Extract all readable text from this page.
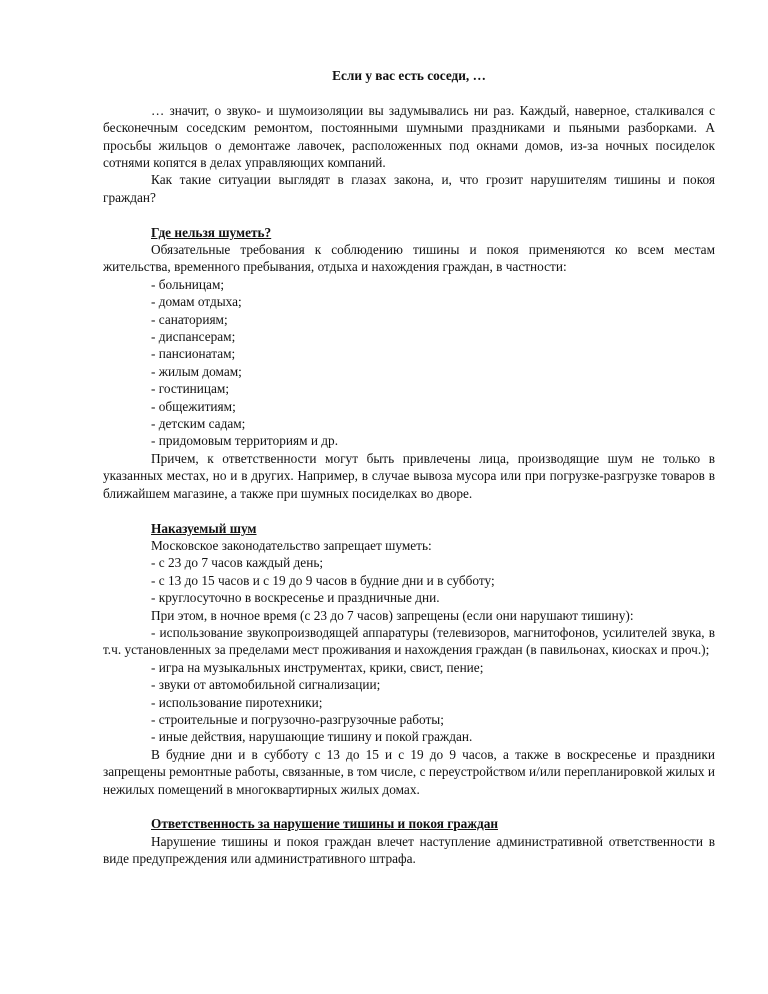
Если у вас есть соседи, …

… значит, о звуко- и шумоизоляции вы задумывались ни раз. Каждый, наверное, сталкивался с бесконечным соседским ремонтом, постоянными шумными праздниками и пьяными разборками. А просьбы жильцов о демонтаже лавочек, расположенных под окнами домов, из-за ночных посиделок сотнями копятся в делах управляющих компаний.

Как такие ситуации выглядят в глазах закона, и, что грозит нарушителям тишины и покоя граждан?

Где нельзя шуметь?

Обязательные требования к соблюдению тишины и покоя применяются ко всем местам жительства, временного пребывания, отдыха и нахождения граждан, в частности:

- больницам;

- домам отдыха;

- санаториям;

- диспансерам;

- пансионатам;

- жилым домам;

- гостиницам;

- общежитиям;

- детским садам;

- придомовым территориям и др.

Причем, к ответственности могут быть привлечены лица, производящие шум не только в указанных местах, но и в других. Например, в случае вывоза мусора или при погрузке-разгрузке товаров в ближайшем магазине, а также при шумных посиделках во дворе.

Наказуемый шум

Московское законодательство запрещает шуметь:

- с 23 до 7 часов каждый день;

- с 13 до 15 часов и с 19 до 9 часов в будние дни и в субботу;

- круглосуточно в воскресенье и праздничные дни.

При этом, в ночное время (с 23 до 7 часов) запрещены (если они нарушают тишину):

- использование звукопроизводящей аппаратуры (телевизоров, магнитофонов, усилителей звука, в т.ч. установленных за пределами мест проживания и нахождения граждан (в павильонах, киосках и проч.);

- игра на музыкальных инструментах, крики, свист, пение;

- звуки от автомобильной сигнализации;

- использование пиротехники;

- строительные и погрузочно-разгрузочные работы;

- иные действия, нарушающие тишину и покой граждан.

В будние дни и в субботу с 13 до 15 и с 19 до 9 часов, а также в воскресенье и праздники запрещены ремонтные работы, связанные, в том числе, с переустройством и/или перепланировкой жилых и нежилых помещений в многоквартирных жилых домах.

Ответственность за нарушение тишины и покоя граждан

Нарушение тишины и покоя граждан влечет наступление административной ответственности в виде предупреждения или административного штрафа.
